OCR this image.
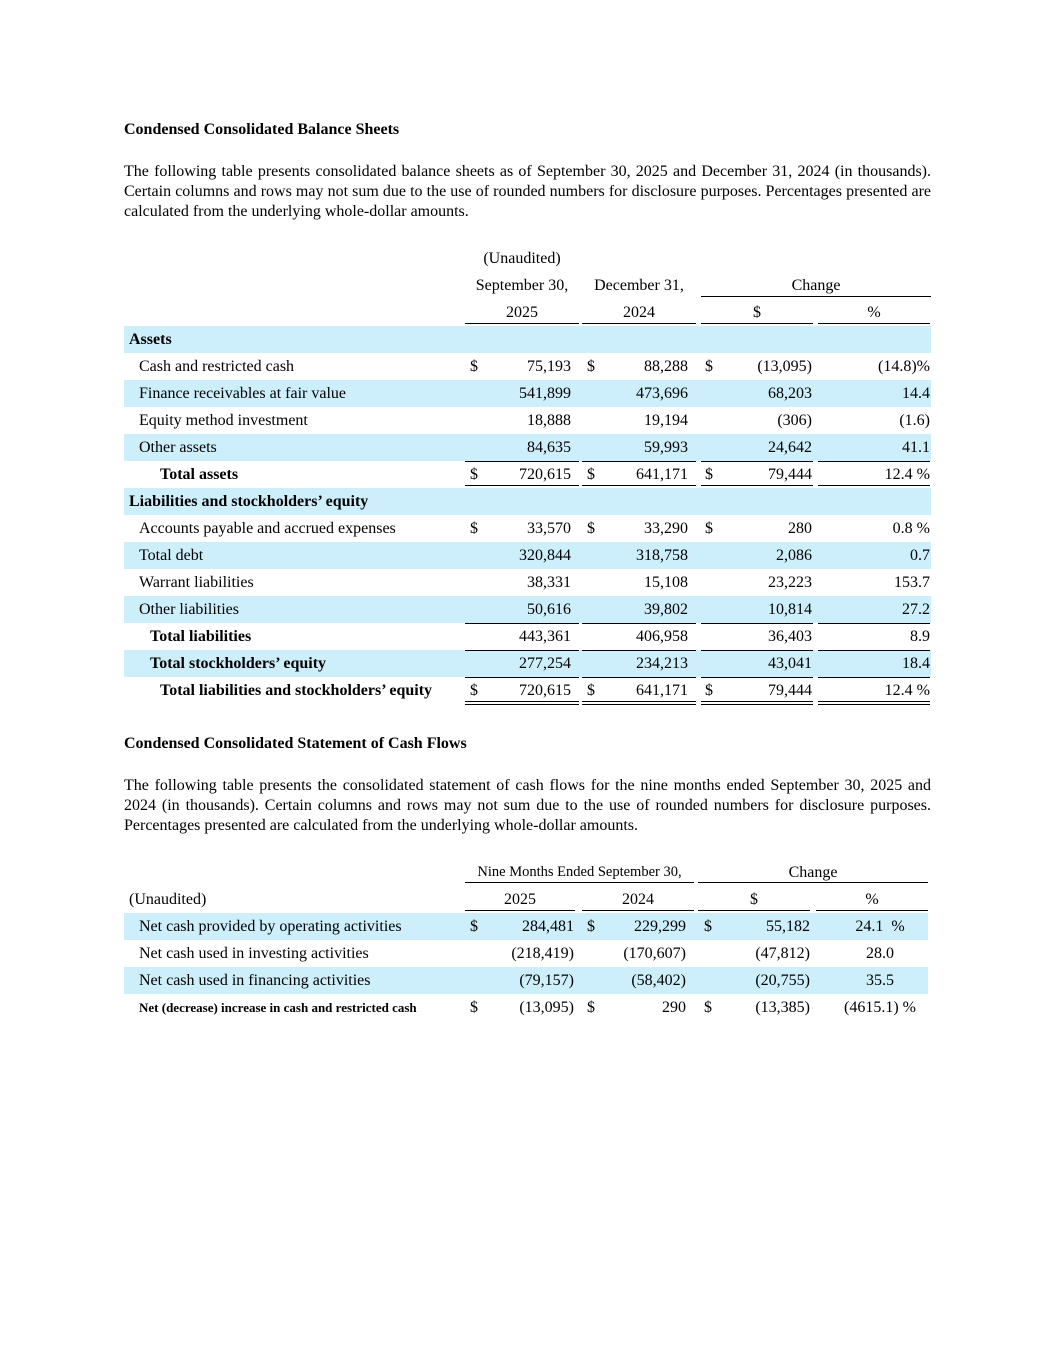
Condensed Consolidated Balance Sheets
The following table presents consolidated balance sheets as of September 30, 2025 and December 31, 2024 (in thousands). Certain columns and rows may not sum due to the use of rounded numbers for disclosure purposes. Percentages presented are calculated from the underlying whole-dollar amounts.
(Unaudited)
September 30,	December 31,	Change
2025	2024	$	%
Assets
Cash and restricted cash	$	75,193 $	88,288 $	(13,095)	(14.8)%
Finance receivables at fair value	541,899	473,696	68,203	14.4
Equity method investment	18,888	19,194	(306)	(1.6)
Other assets	84,635	59,993	24,642	41.1
Total assets	$	720,615 $	641,171 $	79,444	12.4 %
Liabilities and stockholders’ equity
Accounts payable and accrued expenses	$	33,570 $	33,290 $	280	0.8 %
Total debt	320,844	318,758	2,086	0.7
Warrant liabilities	38,331	15,108	23,223	153.7
Other liabilities	50,616	39,802	10,814	27.2
Total liabilities	443,361	406,958	36,403	8.9
Total stockholders’ equity	277,254	234,213	43,041	18.4
Total liabilities and stockholders’ equity $	720,615 $	641,171 $	79,444	12.4 %
Condensed Consolidated Statement of Cash Flows
The following table presents the consolidated statement of cash flows for the nine months ended September 30, 2025 and 2024 (in thousands). Certain columns and rows may not sum due to the use of rounded numbers for disclosure purposes. Percentages presented are calculated from the underlying whole-dollar amounts.
Nine Months Ended September 30,	Change
(Unaudited)	2025	2024	$	%
Net cash provided by operating activities	$	284,481 $	229,299 $	55,182	24.1  %
Net cash used in investing activities	(218,419)	(170,607)	(47,812)	28.0
Net cash used in financing activities	(79,157)	(58,402)	(20,755)	35.5
Net (decrease) increase in cash and restricted cash	$	(13,095) $	290 $	(13,385)	(4615.1) %
